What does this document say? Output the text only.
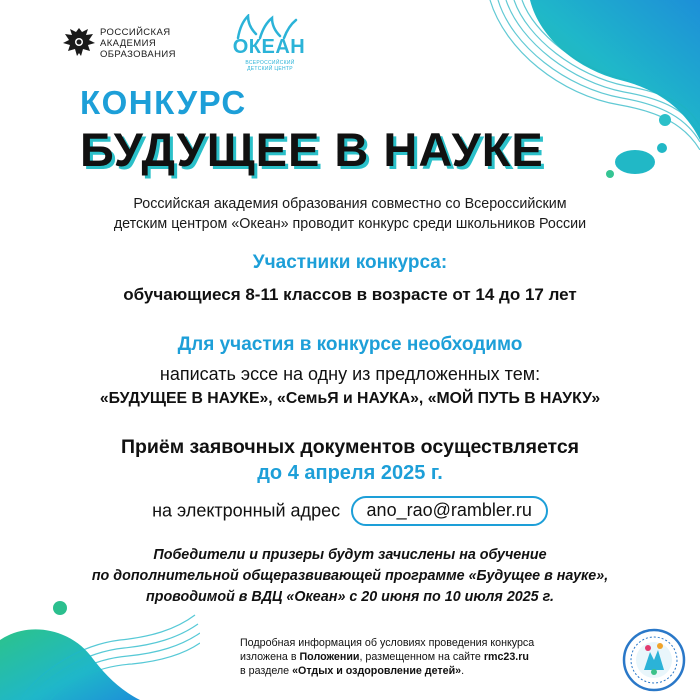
РОССИЙСКАЯ
АКАДЕМИЯ
ОБРАЗОВАНИЯ	ОКЕАН
ВСЕРОССИЙСКИЙ
ДЕТСКИЙ ЦЕНТР
КОНКУРС
БУДУЩЕЕ В НАУКЕ
Российская академия образования совместно со Всероссийским
детским центром «Океан» проводит конкурс среди школьников России
Участники конкурса:
обучающиеся 8-11 классов в возрасте от 14 до 17 лет
Для участия в конкурсе необходимо
написать эссе на одну из предложенных тем:
«БУДУЩЕЕ В НАУКЕ», «СемьЯ и НАУКА», «МОЙ ПУТЬ В НАУКУ»
Приём заявочных документов осуществляется
до 4 апреля 2025 г.
на электронный адрес ano_rao@rambler.ru
Победители и призеры будут зачислены на обучение
по дополнительной общеразвивающей программе «Будущее в науке»,
проводимой в ВДЦ «Океан» с 20 июня по 10 июля 2025 г.
Подробная информация об условиях проведения конкурса
изложена в Положении, размещенном на сайте rmc23.ru
в разделе «Отдых и оздоровление детей».
